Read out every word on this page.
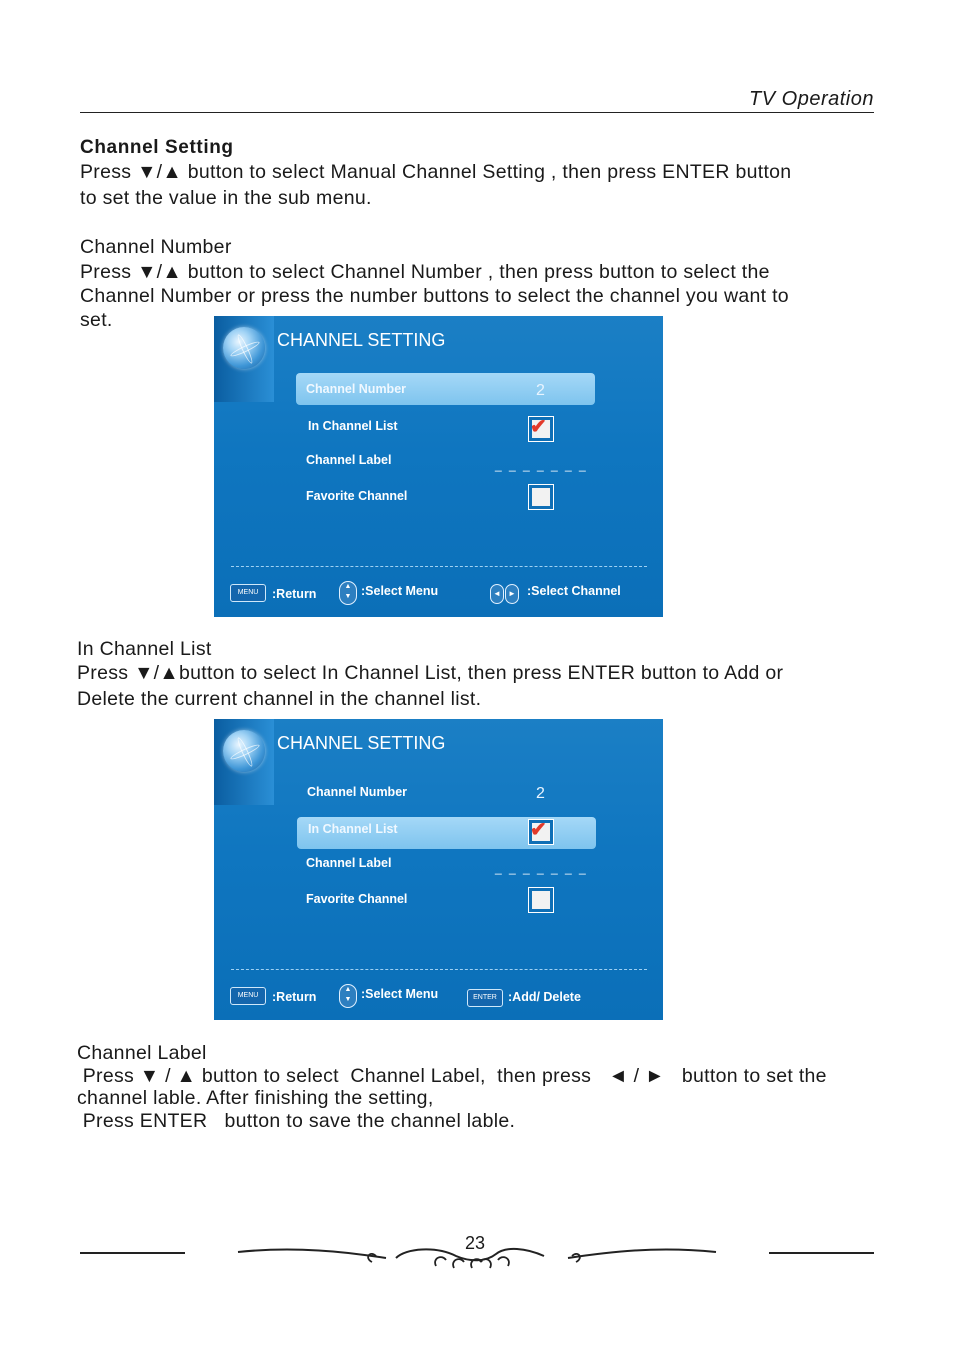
TV Operation
Channel Setting
Press ▼/▲ button to select Manual Channel Setting , then press ENTER button
to set the value in the sub menu.
Channel Number
Press ▼/▲ button to select Channel Number , then press button to select the
Channel Number or press the number buttons to select the channel you want to
set.
CHANNEL SETTING
Channel Number	2
In Channel List	✔
Channel Label	_ _ _ _ _ _ _
Favorite Channel
MENU	:Return
▲
▼ :Select Menu	◄ ► :Select Channel
In Channel List
Press ▼/▲button to select In Channel List, then press ENTER button to Add or
Delete the current channel in the channel list.
CHANNEL SETTING
Channel Number	2
In Channel List	✔
Channel Label	_ _ _ _ _ _ _
Favorite Channel
MENU	:Return
▲
▼ :Select Menu	ENTER :Add/ Delete
Channel Label
Press ▼ / ▲ button to select  Channel Label,  then press   ◄ / ►   button to set the
channel lable. After finishing the setting,
Press ENTER   button to save the channel lable.
23
